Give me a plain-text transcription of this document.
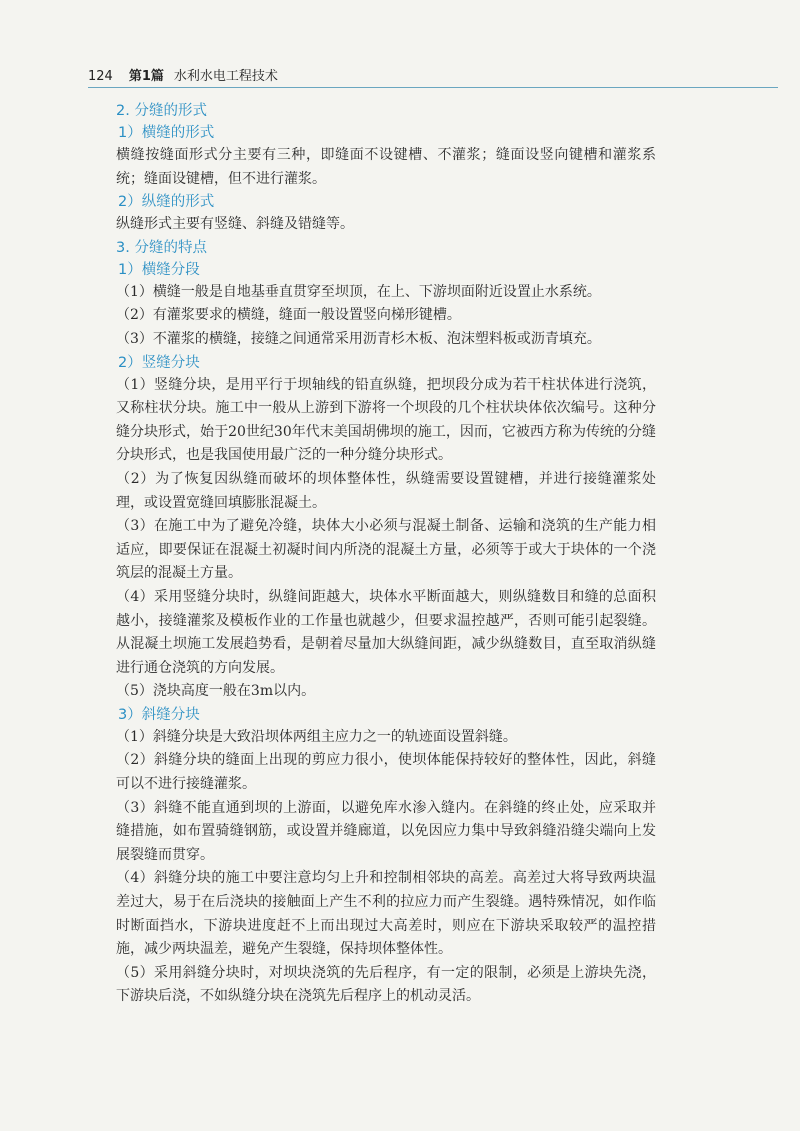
124 第1篇 水利水电工程技术
2. 分缝的形式
1）横缝的形式

横缝按缝面形式分主要有三种，即缝面不设键槽、不灌浆；缝面设竖向键槽和灌浆系统；缝面设键槽，但不进行灌浆。

2）纵缝的形式

纵缝形式主要有竖缝、斜缝及错缝等。

3. 分缝的特点
1）横缝分段

（1）横缝一般是自地基垂直贯穿至坝顶，在上、下游坝面附近设置止水系统。

（2）有灌浆要求的横缝，缝面一般设置竖向梯形键槽。

（3）不灌浆的横缝，接缝之间通常采用沥青杉木板、泡沫塑料板或沥青填充。

2）竖缝分块

（1）竖缝分块，是用平行于坝轴线的铅直纵缝，把坝段分成为若干柱状体进行浇筑，又称柱状分块。施工中一般从上游到下游将一个坝段的几个柱状块体依次编号。这种分缝分块形式，始于20世纪30年代末美国胡佛坝的施工，因而，它被西方称为传统的分缝分块形式，也是我国使用最广泛的一种分缝分块形式。

（2）为了恢复因纵缝而破坏的坝体整体性，纵缝需要设置键槽，并进行接缝灌浆处理，或设置宽缝回填膨胀混凝土。

（3）在施工中为了避免冷缝，块体大小必须与混凝土制备、运输和浇筑的生产能力相适应，即要保证在混凝土初凝时间内所浇的混凝土方量，必须等于或大于块体的一个浇筑层的混凝土方量。

（4）采用竖缝分块时，纵缝间距越大，块体水平断面越大，则纵缝数目和缝的总面积越小，接缝灌浆及模板作业的工作量也就越少，但要求温控越严，否则可能引起裂缝。从混凝土坝施工发展趋势看，是朝着尽量加大纵缝间距，减少纵缝数目，直至取消纵缝进行通仓浇筑的方向发展。

（5）浇块高度一般在3m以内。

3）斜缝分块

（1）斜缝分块是大致沿坝体两组主应力之一的轨迹面设置斜缝。

（2）斜缝分块的缝面上出现的剪应力很小，使坝体能保持较好的整体性，因此，斜缝可以不进行接缝灌浆。

（3）斜缝不能直通到坝的上游面，以避免库水渗入缝内。在斜缝的终止处，应采取并缝措施，如布置骑缝钢筋，或设置并缝廊道，以免因应力集中导致斜缝沿缝尖端向上发展裂缝而贯穿。

（4）斜缝分块的施工中要注意均匀上升和控制相邻块的高差。高差过大将导致两块温差过大，易于在后浇块的接触面上产生不利的拉应力而产生裂缝。遇特殊情况，如作临时断面挡水，下游块进度赶不上而出现过大高差时，则应在下游块采取较严的温控措施，减少两块温差，避免产生裂缝，保持坝体整体性。

（5）采用斜缝分块时，对坝块浇筑的先后程序，有一定的限制，必须是上游块先浇，下游块后浇，不如纵缝分块在浇筑先后程序上的机动灵活。
